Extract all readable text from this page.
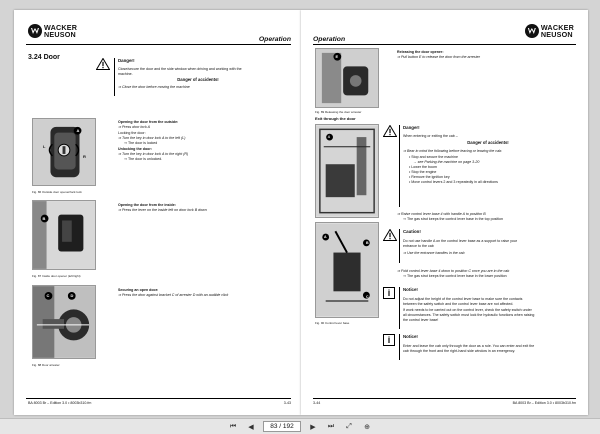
WACKER
NEUSON
Operation
3.24 Door	Danger!
Close/secure the door and the side window when driving and working with the
machine.
Danger of accidents!
⇒ Close the door before moving the machine
A
L
R
Fig. 86 Outside door opener/lock lock
Opening the door from the outside:
⇒ Press door lock A
Locking the door:
⇒ Turn the key in door lock A to the left (L)
⇒ The door is locked
Unlocking the door:
⇒ Turn the key in door lock A to the right (R)
⇒ The door is unlocked.
B
Fig. 87 Inside door opener (left/right)
Opening the door from the inside:
⇒ Press the lever on the inside left on door lock B down
C	D
Fig. 88 Door arrester
Securing an open door:
⇒ Press the door against bracket C of arrester D with an audible click
BA 8003 Br – Edition 3.0 • 8003b310.fm	3-43
Operation
WACKER
NEUSON
E
Fig. 89 Releasing the door arrester
Releasing the door opener:
⇒ Pull button E to release the door from the arrester
Exit through the door
4
A
B
C
Fig. 90 Control lever base
Danger!
When entering or exiting the cab –
Danger of accidents!
⇒ Bear in mind the following before leaving or leaving the cab:
• Stop and secure the machine
→ see Parking the machine on page 3-20
• Lower the boom
• Stop the engine
• Remove the ignition key
• Move control levers 2 and 3 repeatedly in all directions
⇒ Raise control lever base 4 with handle A to position B
⇒ The gas strut keeps the control lever base in the top position
Caution!
Do not use handle A on the control lever base as a support to raise your
entrance to the cab
⇒ Use the entrance handles in the cab
⇒ Fold control lever base 4 down to position C once you are in the cab
⇒ The gas strut keeps the control lever base in the lower position
i	Notice!
Do not adjust the height of the control lever base to make sure the contacts
between the safety switch and the control lever base are not affected.
If work needs to be carried out on the control lever, check the safety switch under
all circumstances. The safety switch must lock the hydraulic functions when raising
the control lever base!
i	Notice!
Enter and leave the cab only through the door as a rule. You can enter and exit the
cab through the front and the right-hand side window in an emergency.
3-44	BA 8003 Br – Edition 3.0 • 8003b310.fm
⏮	◀	83 / 192	▶	⏭	⤢	⊕
